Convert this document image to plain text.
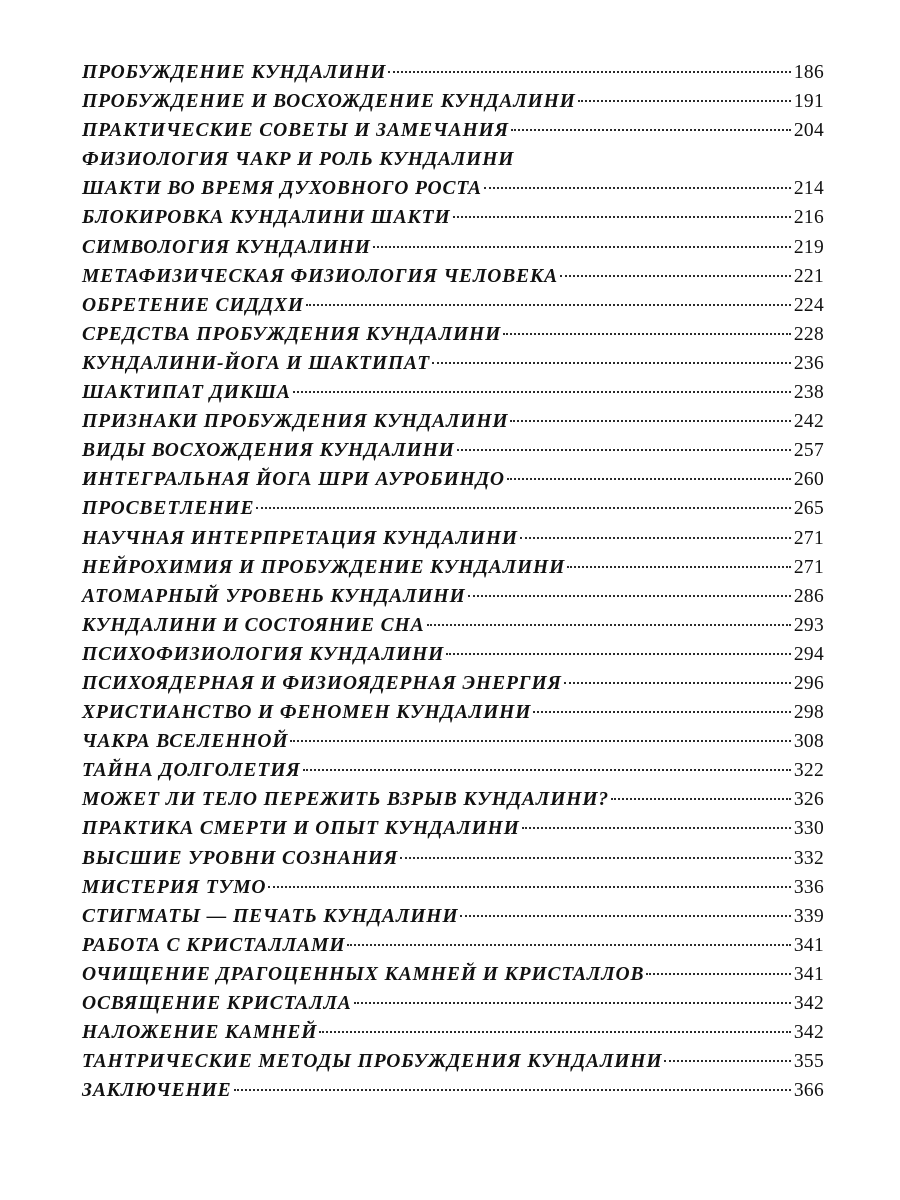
ПРОБУЖДЕНИЕ КУНДАЛИНИ	186
ПРОБУЖДЕНИЕ И ВОСХОЖДЕНИЕ КУНДАЛИНИ	191
ПРАКТИЧЕСКИЕ СОВЕТЫ И ЗАМЕЧАНИЯ	204
ФИЗИОЛОГИЯ ЧАКР И РОЛЬ КУНДАЛИНИ
ШАКТИ ВО ВРЕМЯ ДУХОВНОГО РОСТА	214
БЛОКИРОВКА КУНДАЛИНИ ШАКТИ	216
СИМВОЛОГИЯ КУНДАЛИНИ	219
МЕТАФИЗИЧЕСКАЯ ФИЗИОЛОГИЯ ЧЕЛОВЕКА	221
ОБРЕТЕНИЕ СИДДХИ	224
СРЕДСТВА ПРОБУЖДЕНИЯ КУНДАЛИНИ	228
КУНДАЛИНИ-ЙОГА И ШАКТИПАТ	236
ШАКТИПАТ ДИКША	238
ПРИЗНАКИ ПРОБУЖДЕНИЯ КУНДАЛИНИ	242
ВИДЫ ВОСХОЖДЕНИЯ КУНДАЛИНИ	257
ИНТЕГРАЛЬНАЯ ЙОГА ШРИ АУРОБИНДО	260
ПРОСВЕТЛЕНИЕ	265
НАУЧНАЯ ИНТЕРПРЕТАЦИЯ КУНДАЛИНИ	271
НЕЙРОХИМИЯ И ПРОБУЖДЕНИЕ КУНДАЛИНИ	271
АТОМАРНЫЙ УРОВЕНЬ КУНДАЛИНИ	286
КУНДАЛИНИ И СОСТОЯНИЕ СНА	293
ПСИХОФИЗИОЛОГИЯ КУНДАЛИНИ	294
ПСИХОЯДЕРНАЯ И ФИЗИОЯДЕРНАЯ ЭНЕРГИЯ	296
ХРИСТИАНСТВО И ФЕНОМЕН КУНДАЛИНИ	298
ЧАКРА ВСЕЛЕННОЙ	308
ТАЙНА ДОЛГОЛЕТИЯ	322
МОЖЕТ ЛИ ТЕЛО ПЕРЕЖИТЬ ВЗРЫВ КУНДАЛИНИ?	326
ПРАКТИКА СМЕРТИ И ОПЫТ КУНДАЛИНИ	330
ВЫСШИЕ УРОВНИ СОЗНАНИЯ	332
МИСТЕРИЯ ТУМО	336
СТИГМАТЫ — ПЕЧАТЬ КУНДАЛИНИ	339
РАБОТА С КРИСТАЛЛАМИ	341
ОЧИЩЕНИЕ ДРАГОЦЕННЫХ КАМНЕЙ И КРИСТАЛЛОВ	341
ОСВЯЩЕНИЕ КРИСТАЛЛА	342
НАЛОЖЕНИЕ КАМНЕЙ	342
ТАНТРИЧЕСКИЕ МЕТОДЫ ПРОБУЖДЕНИЯ КУНДАЛИНИ	355
ЗАКЛЮЧЕНИЕ	366
